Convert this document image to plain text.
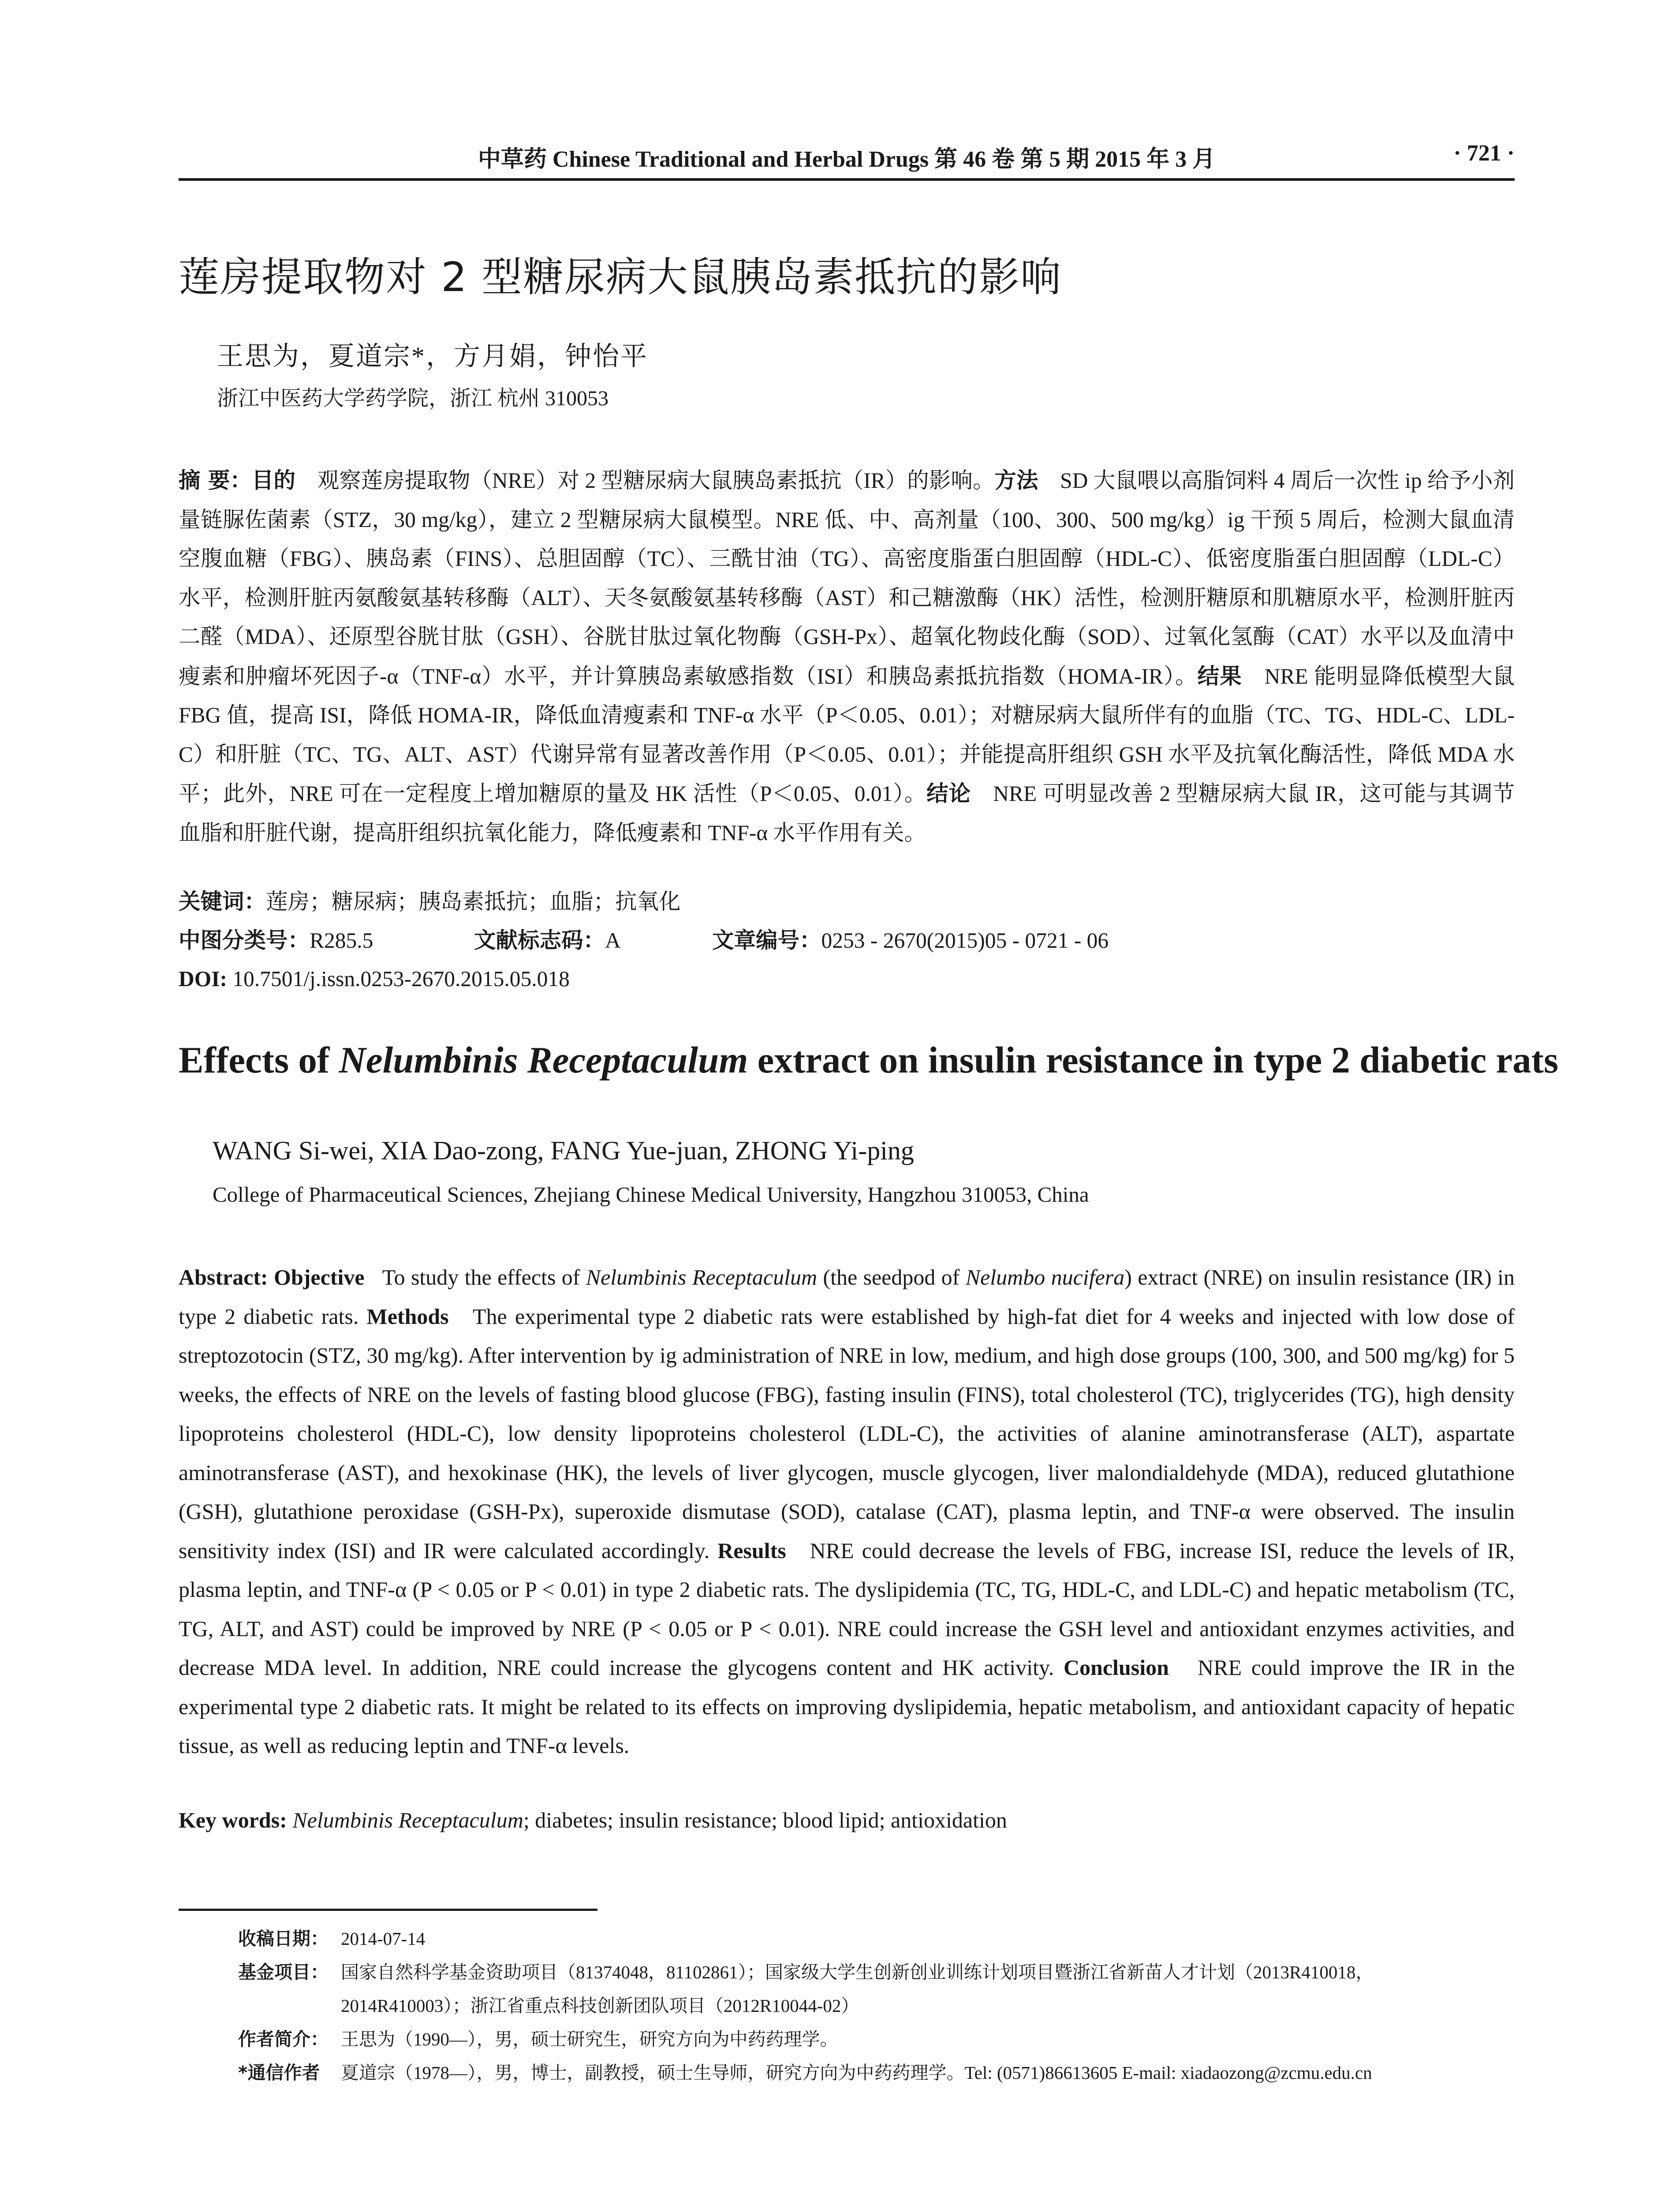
中草药 Chinese Traditional and Herbal Drugs 第 46 卷 第 5 期 2015 年 3 月	· 721 ·
莲房提取物对 2 型糖尿病大鼠胰岛素抵抗的影响
王思为，夏道宗*，方月娟，钟怡平
浙江中医药大学药学院，浙江 杭州 310053
摘 要：目的　 观察莲房提取物（NRE）对 2 型糖尿病大鼠胰岛素抵抗（IR）的影响。方法　 SD 大鼠喂以高脂饲料 4 周后一次性 ip 给予小剂量链脲佐菌素（STZ，30 mg/kg），建立 2 型糖尿病大鼠模型。NRE 低、中、高剂量（100、300、500 mg/kg）ig 干预 5 周后，检测大鼠血清空腹血糖（FBG）、胰岛素（FINS）、总胆固醇（TC）、三酰甘油（TG）、高密度脂蛋白胆固醇（HDL-C）、低密度脂蛋白胆固醇（LDL-C）水平，检测肝脏丙氨酸氨基转移酶（ALT）、天冬氨酸氨基转移酶（AST）和己糖激酶（HK）活性，检测肝糖原和肌糖原水平，检测肝脏丙二醛（MDA）、还原型谷胱甘肽（GSH）、谷胱甘肽过氧化物酶（GSH-Px）、超氧化物歧化酶（SOD）、过氧化氢酶（CAT）水平以及血清中瘦素和肿瘤坏死因子-α（TNF-α）水平，并计算胰岛素敏感指数（ISI）和胰岛素抵抗指数（HOMA-IR）。结果　 NRE 能明显降低模型大鼠 FBG 值，提高 ISI，降低 HOMA-IR，降低血清瘦素和 TNF-α 水平（P＜0.05、0.01）；对糖尿病大鼠所伴有的血脂（TC、TG、HDL-C、LDL-C）和肝脏（TC、TG、ALT、AST）代谢异常有显著改善作用（P＜0.05、0.01）；并能提高肝组织 GSH 水平及抗氧化酶活性，降低 MDA 水平；此外，NRE 可在一定程度上增加糖原的量及 HK 活性（P＜0.05、0.01）。结论　 NRE 可明显改善 2 型糖尿病大鼠 IR，这可能与其调节血脂和肝脏代谢，提高肝组织抗氧化能力，降低瘦素和 TNF-α 水平作用有关。
关键词：莲房；糖尿病；胰岛素抵抗；血脂；抗氧化
中图分类号：R285.5	文献标志码：A	文章编号：0253 - 2670(2015)05 - 0721 - 06
DOI: 10.7501/j.issn.0253-2670.2015.05.018
Effects of Nelumbinis Receptaculum extract on insulin resistance in type 2 diabetic rats
WANG Si-wei, XIA Dao-zong, FANG Yue-juan, ZHONG Yi-ping
College of Pharmaceutical Sciences, Zhejiang Chinese Medical University, Hangzhou 310053, China
Abstract: Objective To study the effects of Nelumbinis Receptaculum (the seedpod of Nelumbo nucifera) extract (NRE) on insulin resistance (IR) in type 2 diabetic rats. Methods The experimental type 2 diabetic rats were established by high-fat diet for 4 weeks and injected with low dose of streptozotocin (STZ, 30 mg/kg). After intervention by ig administration of NRE in low, medium, and high dose groups (100, 300, and 500 mg/kg) for 5 weeks, the effects of NRE on the levels of fasting blood glucose (FBG), fasting insulin (FINS), total cholesterol (TC), triglycerides (TG), high density lipoproteins cholesterol (HDL-C), low density lipoproteins cholesterol (LDL-C), the activities of alanine aminotransferase (ALT), aspartate aminotransferase (AST), and hexokinase (HK), the levels of liver glycogen, muscle glycogen, liver malondialdehyde (MDA), reduced glutathione (GSH), glutathione peroxidase (GSH-Px), superoxide dismutase (SOD), catalase (CAT), plasma leptin, and TNF-α were observed. The insulin sensitivity index (ISI) and IR were calculated accordingly. Results NRE could decrease the levels of FBG, increase ISI, reduce the levels of IR, plasma leptin, and TNF-α (P < 0.05 or P < 0.01) in type 2 diabetic rats. The dyslipidemia (TC, TG, HDL-C, and LDL-C) and hepatic metabolism (TC, TG, ALT, and AST) could be improved by NRE (P < 0.05 or P < 0.01). NRE could increase the GSH level and antioxidant enzymes activities, and decrease MDA level. In addition, NRE could increase the glycogens content and HK activity. Conclusion NRE could improve the IR in the experimental type 2 diabetic rats. It might be related to its effects on improving dyslipidemia, hepatic metabolism, and antioxidant capacity of hepatic tissue, as well as reducing leptin and TNF-α levels.
Key words: Nelumbinis Receptaculum; diabetes; insulin resistance; blood lipid; antioxidation
收稿日期： 2014-07-14
基金项目： 国家自然科学基金资助项目（81374048，81102861）；国家级大学生创新创业训练计划项目暨浙江省新苗人才计划（2013R410018，
2014R410003）；浙江省重点科技创新团队项目（2012R10044-02）
作者简介： 王思为（1990—），男，硕士研究生，研究方向为中药药理学。
*通信作者	夏道宗（1978—），男，博士，副教授，硕士生导师，研究方向为中药药理学。Tel: (0571)86613605 E-mail: xiadaozong@zcmu.edu.cn
